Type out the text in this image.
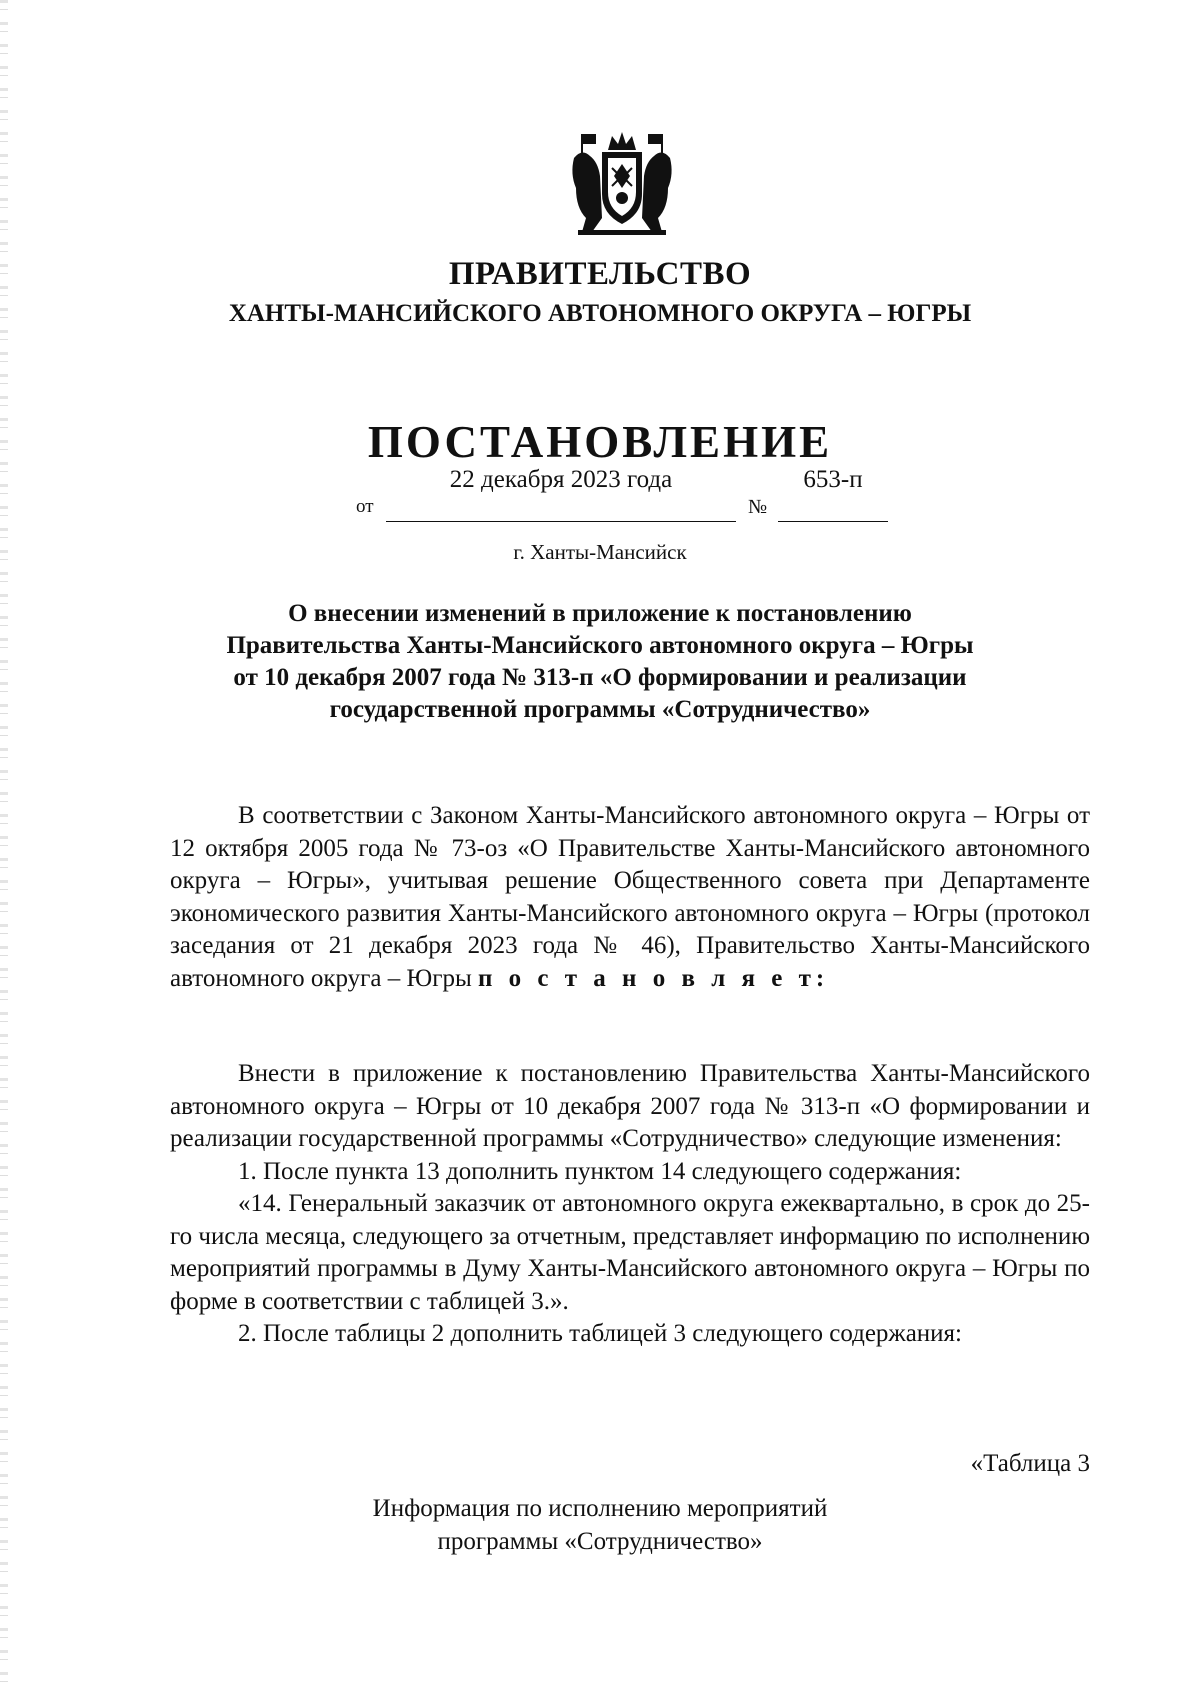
ПРАВИТЕЛЬСТВО
ХАНТЫ-МАНСИЙСКОГО АВТОНОМНОГО ОКРУГА – ЮГРЫ
ПОСТАНОВЛЕНИЕ
от
22 декабря 2023 года
№
653-п
г. Ханты-Мансийск
О внесении изменений в приложение к постановлению
Правительства Ханты-Мансийского автономного округа – Югры
от 10 декабря 2007 года № 313-п «О формировании и реализации
государственной программы «Сотрудничество»

В соответствии с Законом Ханты-Мансийского автономного округа – Югры от 12 октября 2005 года № 73-оз «О Правительстве Ханты-Мансийского автономного округа – Югры», учитывая решение Общественного совета при Департаменте экономического развития Ханты-Мансийского автономного округа – Югры (протокол заседания от 21 декабря 2023 года № 46), Правительство Ханты-Мансийского автономного округа – Югры п о с т а н о в л я е т:

Внести в приложение к постановлению Правительства Ханты-Мансийского автономного округа – Югры от 10 декабря 2007 года № 313-п «О формировании и реализации государственной программы «Сотрудничество» следующие изменения:

1. После пункта 13 дополнить пунктом 14 следующего содержания:

«14. Генеральный заказчик от автономного округа ежеквартально, в срок до 25-го числа месяца, следующего за отчетным, представляет информацию по исполнению мероприятий программы в Думу Ханты-Мансийского автономного округа – Югры по форме в соответствии с таблицей 3.».

2. После таблицы 2 дополнить таблицей 3 следующего содержания:

«Таблица 3
Информация по исполнению мероприятий
программы «Сотрудничество»
